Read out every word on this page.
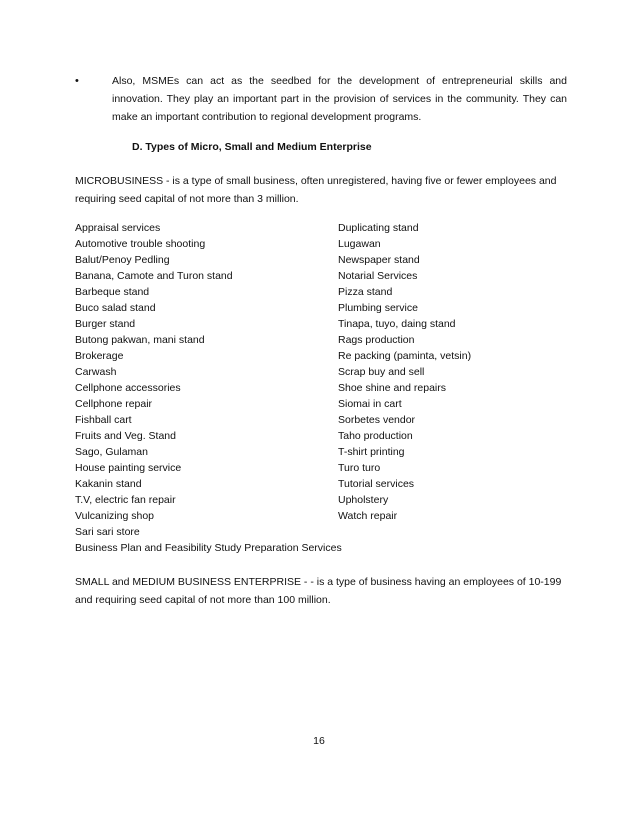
•	Also, MSMEs can act as the seedbed for the development of entrepreneurial skills and innovation. They play an important part in the provision of services in the community. They can make an important contribution to regional development programs.
D. Types of Micro, Small and Medium Enterprise
MICROBUSINESS - is a type of small business, often unregistered, having five or fewer employees and requiring seed capital of not more than 3 million.
Appraisal services
Automotive trouble shooting
Balut/Penoy Pedling
Banana, Camote and Turon stand
Barbeque stand
Buco salad stand
Burger stand
Butong pakwan, mani stand
Brokerage
Carwash
Cellphone accessories
Cellphone repair
Fishball cart
Fruits and Veg. Stand
Sago, Gulaman
House painting service
Kakanin stand
T.V, electric fan repair
Vulcanizing shop
Sari sari store
Business Plan and Feasibility Study Preparation Services
Duplicating stand
Lugawan
Newspaper stand
Notarial Services
Pizza stand
Plumbing service
Tinapa, tuyo, daing stand
Rags production
Re packing (paminta, vetsin)
Scrap buy and sell
Shoe shine and repairs
Siomai in cart
Sorbetes vendor
Taho production
T-shirt printing
Turo turo
Tutorial services
Upholstery
Watch repair
SMALL and MEDIUM BUSINESS ENTERPRISE - - is a type of business having an employees of 10-199 and requiring seed capital of not more than 100 million.
16
